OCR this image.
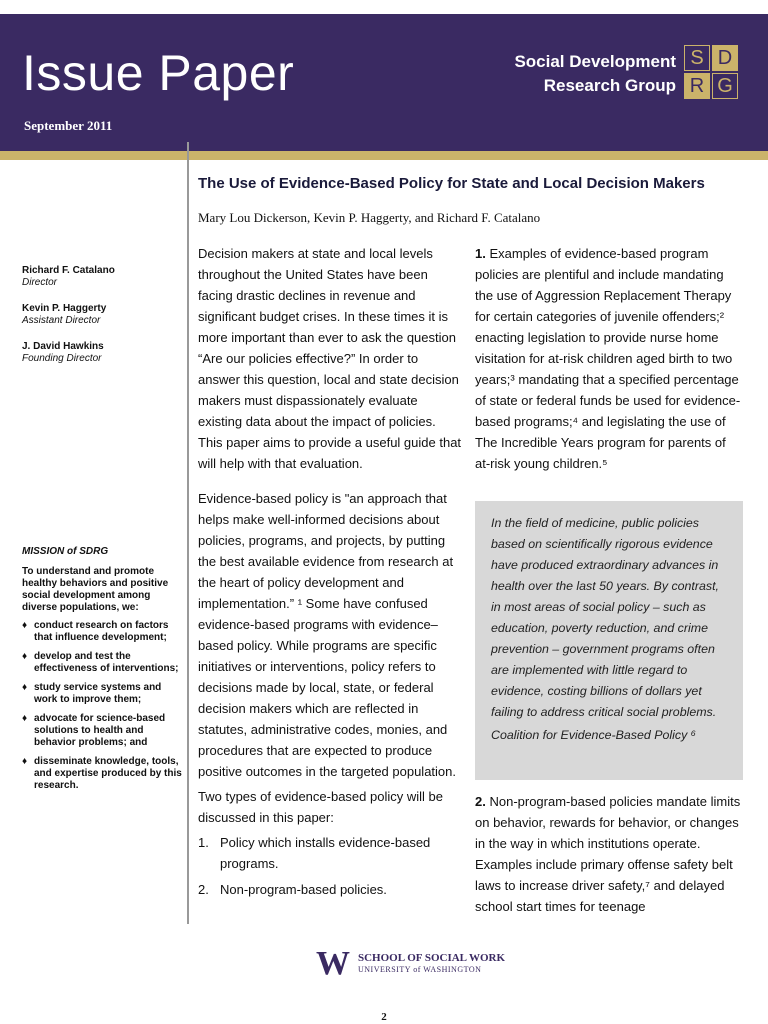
Issue Paper
September 2011
Social Development
Research Group
S D
R G
Richard F. Catalano
Director
Kevin P. Haggerty
Assistant Director
J. David Hawkins
Founding Director
MISSION of SDRG
To understand and promote healthy behaviors and positive social development among diverse populations, we:
♦ conduct research on factors that influence development;
♦ develop and test the effectiveness of interventions;
♦ study service systems and work to improve them;
♦ advocate for science-based solutions to health and behavior problems; and
♦ disseminate knowledge, tools, and expertise produced by this research.
The Use of Evidence-Based Policy for State and Local Decision Makers
Mary Lou Dickerson, Kevin P. Haggerty, and Richard F. Catalano

Decision makers at state and local levels throughout the United States have been facing drastic declines in revenue and significant budget crises. In these times it is more important than ever to ask the question “Are our policies effective?” In order to answer this question, local and state decision makers must dispassionately evaluate existing data about the impact of policies. This paper aims to provide a useful guide that will help with that evaluation.

Evidence-based policy is "an approach that helps make well-informed decisions about policies, programs, and projects, by putting the best available evidence from research at the heart of policy development and implementation.” ¹ Some have confused evidence-based programs with evidence–based policy. While programs are specific initiatives or interventions, policy refers to decisions made by local, state, or federal decision makers which are reflected in statutes, administrative codes, monies, and procedures that are expected to produce positive outcomes in the targeted population.

Two types of evidence-based policy will be discussed in this paper:

1. Policy which installs evidence-based programs.
2. Non-program-based policies.

1. Examples of evidence-based program policies are plentiful and include mandating the use of Aggression Replacement Therapy for certain categories of juvenile offenders;² enacting legislation to provide nurse home visitation for at-risk children aged birth to two years;³ mandating that a specified percentage of state or federal funds be used for evidence-based programs;⁴ and legislating the use of The Incredible Years program for parents of at-risk young children.⁵

In the field of medicine, public policies based on scientifically rigorous evidence have produced extraordinary advances in health over the last 50 years. By contrast, in most areas of social policy – such as education, poverty reduction, and crime prevention – government programs often are implemented with little regard to evidence, costing billions of dollars yet failing to address critical social problems.
Coalition for Evidence-Based Policy ⁶

2. Non-program-based policies mandate limits on behavior, rewards for behavior, or changes in the way in which institutions operate. Examples include primary offense safety belt laws to increase driver safety,⁷ and delayed school start times for teenage

W SCHOOL OF SOCIAL WORK
UNIVERSITY of WASHINGTON
2
